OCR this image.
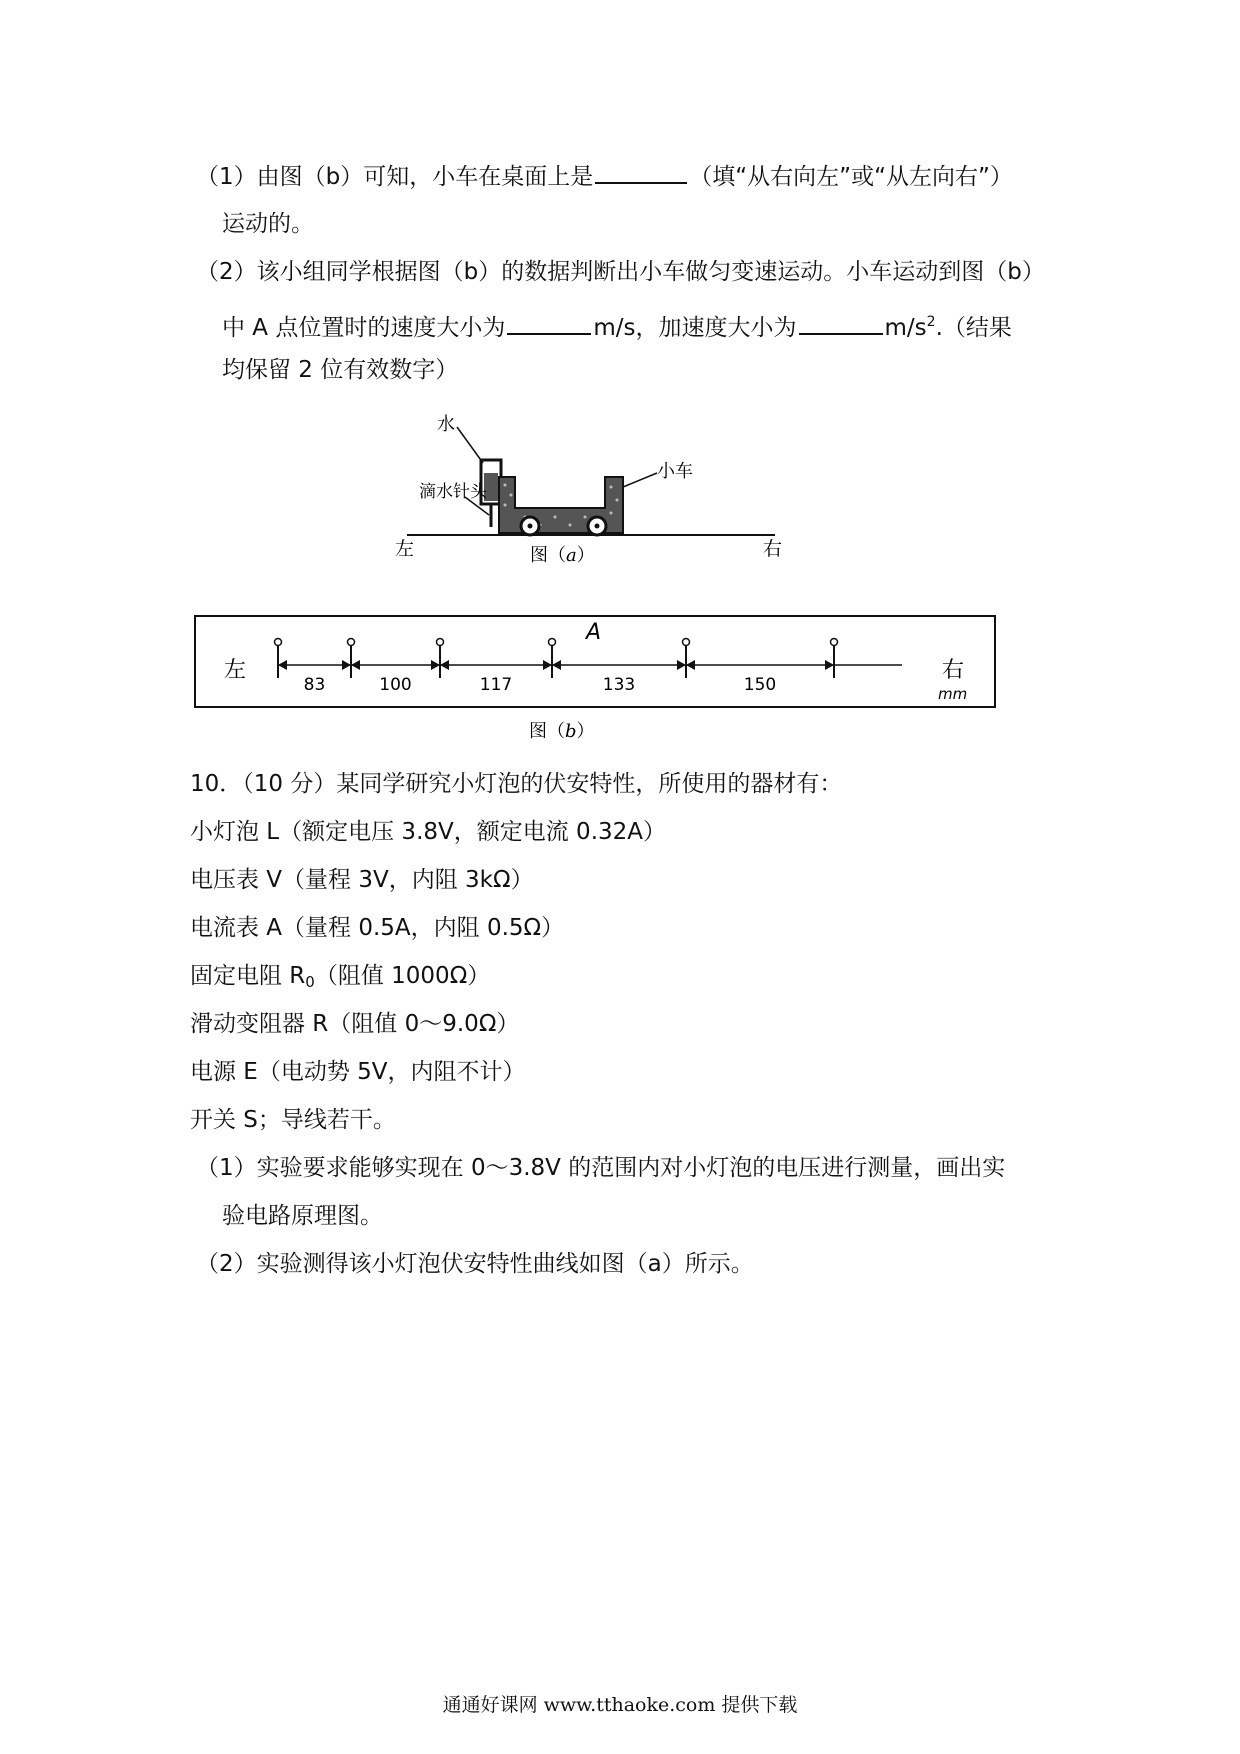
（1）由图（b）可知，小车在桌面上是	（填“从右向左”或“从左向右”）
运动的。
（2）该小组同学根据图（b）的数据判断出小车做匀变速运动。小车运动到图（b）
中 A 点位置时的速度大小为	m/s，加速度大小为	$m/s^2$.（结果
均保留 2 位有效数字）
水
滴水针头
小车
左	右
图（a）
左	右
mm
A
83	100	117	133	150
图（b）
10．（10 分）某同学研究小灯泡的伏安特性，所使用的器材有：
小灯泡 L（额定电压 3.8V，额定电流 0.32A）
电压表 V（量程 3V，内阻 3kΩ）
电流表 A（量程 0.5A，内阻 0.5Ω）
固定电阻 $R_0$（阻值 1000Ω）
滑动变阻器 R（阻值 0～9.0Ω）
电源 E（电动势 5V，内阻不计）
开关 S；导线若干。
（1）实验要求能够实现在 0～3.8V 的范围内对小灯泡的电压进行测量，画出实
验电路原理图。
（2）实验测得该小灯泡伏安特性曲线如图（a）所示。
通通好课网 www.tthaoke.com 提供下载
